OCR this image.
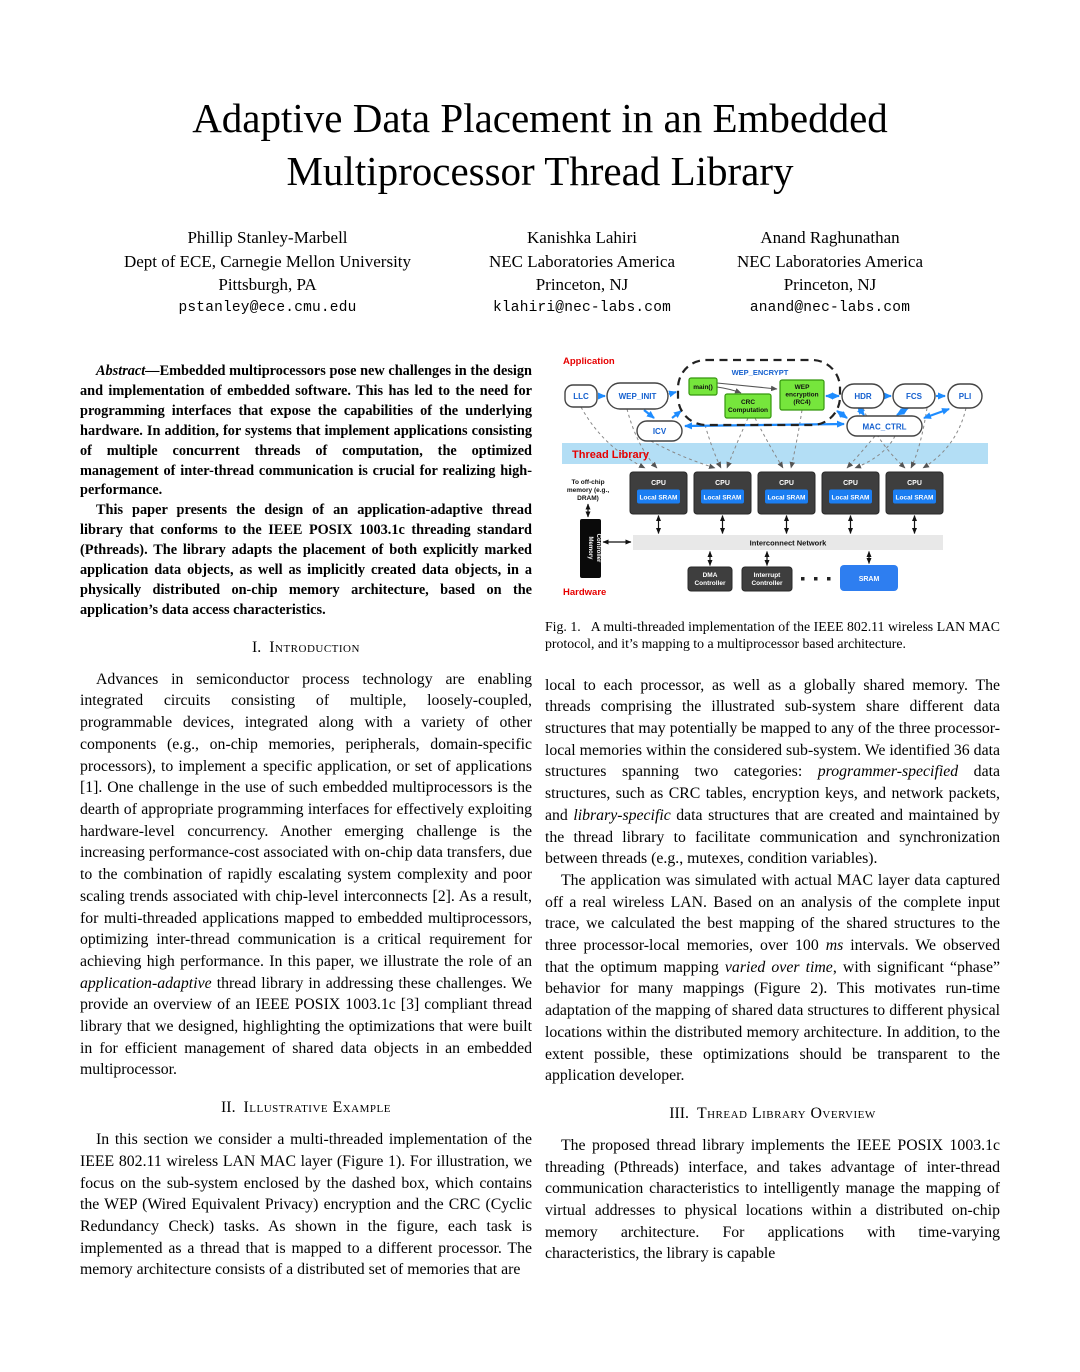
Adaptive Data Placement in an Embedded
Multiprocessor Thread Library
Phillip Stanley-Marbell
Dept of ECE, Carnegie Mellon University
Pittsburgh, PA
pstanley@ece.cmu.edu
Kanishka Lahiri
NEC Laboratories America
Princeton, NJ
klahiri@nec-labs.com
Anand Raghunathan
NEC Laboratories America
Princeton, NJ
anand@nec-labs.com

Abstract—Embedded multiprocessors pose new challenges in the design and implementation of embedded software. This has led to the need for programming interfaces that expose the capabilities of the underlying hardware. In addition, for systems that implement applications consisting of multiple concurrent threads of computation, the optimized management of inter-thread communication is crucial for realizing high-performance.

This paper presents the design of an application-adaptive thread library that conforms to the IEEE POSIX 1003.1c threading standard (Pthreads). The library adapts the placement of both explicitly marked application data objects, as well as implicitly created data objects, in a physically distributed on-chip memory architecture, based on the application’s data access characteristics.

I. Introduction

Advances in semiconductor process technology are enabling integrated circuits consisting of multiple, loosely-coupled, programmable devices, integrated along with a variety of other components (e.g., on-chip memories, peripherals, domain-specific processors), to implement a specific application, or set of applications [1]. One challenge in the use of such embedded multiprocessors is the dearth of appropriate programming interfaces for effectively exploiting hardware-level concurrency. Another emerging challenge is the increasing performance-cost associated with on-chip data transfers, due to the combination of rapidly escalating system complexity and poor scaling trends associated with chip-level interconnects [2]. As a result, for multi-threaded applications mapped to embedded multiprocessors, optimizing inter-thread communication is a critical requirement for achieving high performance. In this paper, we illustrate the role of an application-adaptive thread library in addressing these challenges. We provide an overview of an IEEE POSIX 1003.1c [3] compliant thread library that we designed, highlighting the optimizations that were built in for efficient management of shared data objects in an embedded multiprocessor.

II. Illustrative Example

In this section we consider a multi-threaded implementation of the IEEE 802.11 wireless LAN MAC layer (Figure 1). For illustration, we focus on the sub-system enclosed by the dashed box, which contains the WEP (Wired Equivalent Privacy) encryption and the CRC (Cyclic Redundancy Check) tasks. As shown in the figure, each task is implemented as a thread that is mapped to a different processor. The memory architecture consists of a distributed set of memories that are

CPU
Local SRAM
CPU
Local SRAM
CPU
Local SRAM
CPU
Local SRAM
CPU
Local SRAM
Interconnect Network
To off-chip
memory (e.g.,
DRAM)
Memory Controller
DMA
Controller
Interrupt
Controller
SRAM
LLC	WEP_INIT
ICV
HDR	FCS	PLI
MAC_CTRL
main()
CRC
Computation
WEP
encryption
(RC4)
WEP_ENCRYPT
Application
Thread Library
Hardware
Fig. 1. A multi-threaded implementation of the IEEE 802.11 wireless LAN MAC protocol, and it’s mapping to a multiprocessor based architecture.

local to each processor, as well as a globally shared memory. The threads comprising the illustrated sub-system share different data structures that may potentially be mapped to any of the three processor-local memories within the considered sub-system. We identified 36 data structures spanning two categories: programmer-specified data structures, such as CRC tables, encryption keys, and network packets, and library-specific data structures that are created and maintained by the thread library to facilitate communication and synchronization between threads (e.g., mutexes, condition variables).

The application was simulated with actual MAC layer data captured off a real wireless LAN. Based on an analysis of the complete input trace, we calculated the best mapping of the shared structures to the three processor-local memories, over 100 ms intervals. We observed that the optimum mapping varied over time, with significant “phase” behavior for many mappings (Figure 2). This motivates run-time adaptation of the mapping of shared data structures to different physical locations within the distributed memory architecture. In addition, to the extent possible, these optimizations should be transparent to the application developer.

III. Thread Library Overview

The proposed thread library implements the IEEE POSIX 1003.1c threading (Pthreads) interface, and takes advantage of inter-thread communication characteristics to intelligently manage the mapping of virtual addresses to physical locations within a distributed on-chip memory architecture. For applications with time-varying characteristics, the library is capable
